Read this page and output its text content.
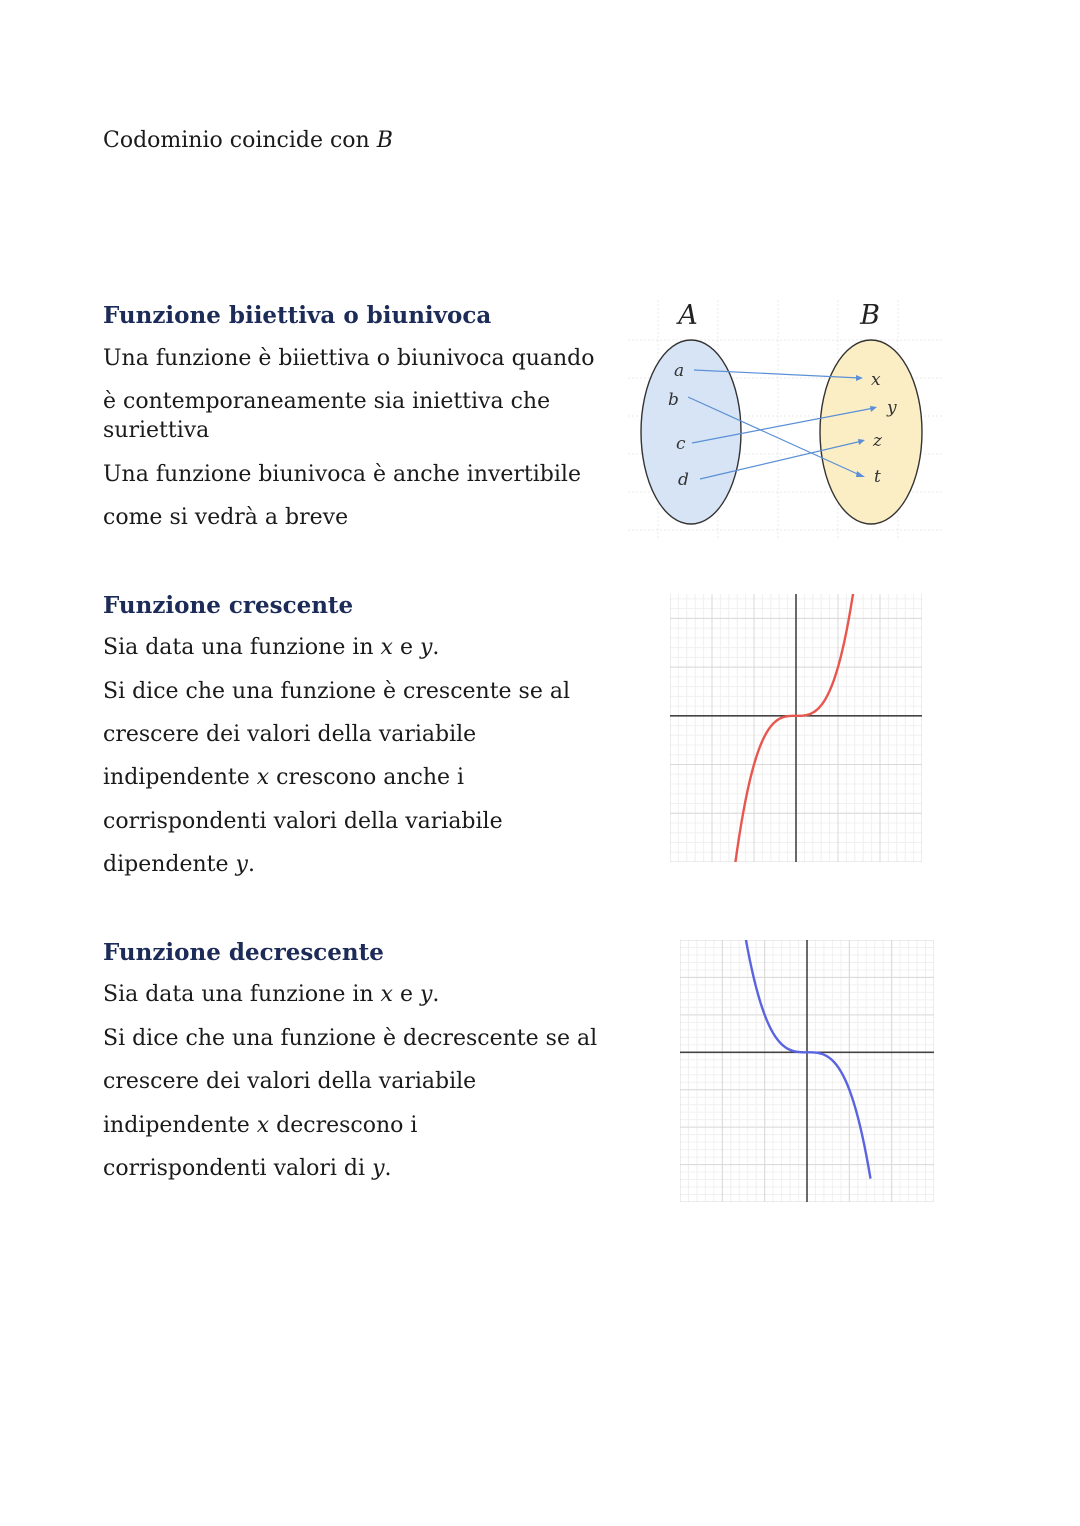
Codominio coincide con B
Funzione biiettiva o biunivoca
Una funzione è biiettiva o biunivoca quando
è contemporaneamente sia iniettiva che
suriettiva
Una funzione biunivoca è anche invertibile
come si vedrà a breve
A	B
a
b
c
d
x
y
z
t
Funzione crescente
Sia data una funzione in x e y.
Si dice che una funzione è crescente se al
crescere dei valori della variabile
indipendente x crescono anche i
corrispondenti valori della variabile
dipendente y.
Funzione decrescente
Sia data una funzione in x e y.
Si dice che una funzione è decrescente se al
crescere dei valori della variabile
indipendente x decrescono i
corrispondenti valori di y.
